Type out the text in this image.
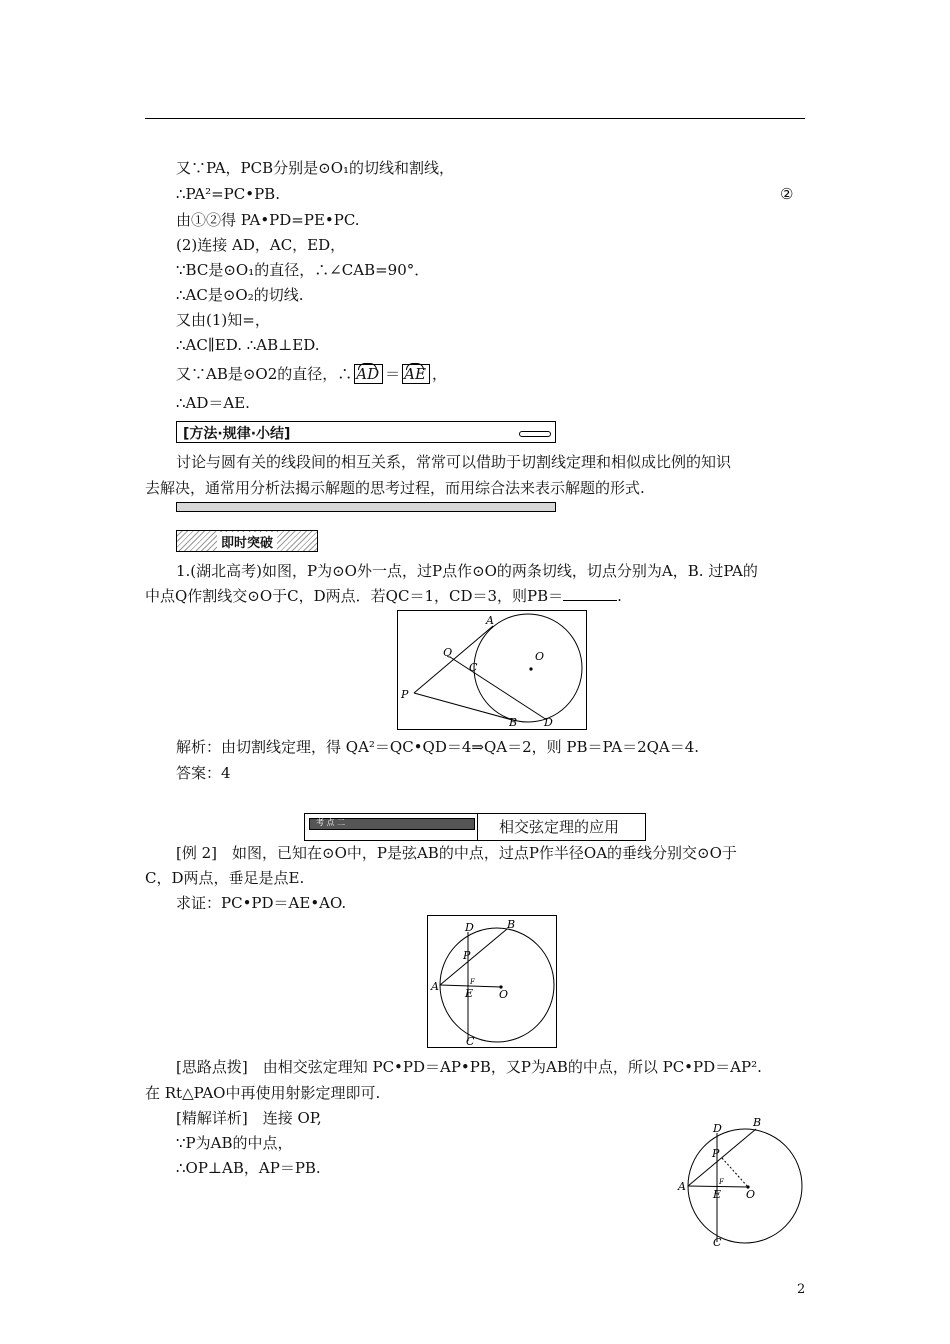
又∵PA，PCB分别是⊙O₁的切线和割线，
∴PA²=PC•PB.	②
由①②得 PA•PD=PE•PC.
(2)连接 AD，AC，ED，
∵BC是⊙O₁的直径，∴∠CAB=90°．
∴AC是⊙O₂的切线.
又由(1)知=，
∴AC∥ED. ∴AB⊥ED.
又∵AB是⊙O2的直径，∴ AD ＝ AE ，
∴AD＝AE.
[方法·规律·小结]
讨论与圆有关的线段间的相互关系，常常可以借助于切割线定理和相似成比例的知识
去解决，通常用分析法揭示解题的思考过程，而用综合法来表示解题的形式.
即时突破
1.(湖北高考)如图，P为⊙O外一点，过P点作⊙O的两条切线，切点分别为A，B. 过PA的
中点Q作割线交⊙O于C，D两点．若QC＝1，CD＝3，则PB＝	.
A
Q
C
O
P
B D
解析：由切割线定理，得 QA²＝QC•QD＝4⇒QA＝2，则 PB＝PA＝2QA＝4.
答案：4
考 点 二	相交弦定理的应用
[例 2]　如图，已知在⊙O中，P是弦AB的中点，过点P作半径OA的垂线分别交⊙O于
C，D两点，垂足是点E.
求证：PC•PD＝AE•AO.
D	B
P
A	F
E O
C
[思路点拨]　由相交弦定理知 PC•PD＝AP•PB，又P为AB的中点，所以 PC•PD＝AP².
在 Rt△PAO中再使用射影定理即可.
[精解详析]　连接 OP,
∵P为AB的中点，
∴OP⊥AB，AP＝PB.
D	B
P
A	F
E O
C
2
